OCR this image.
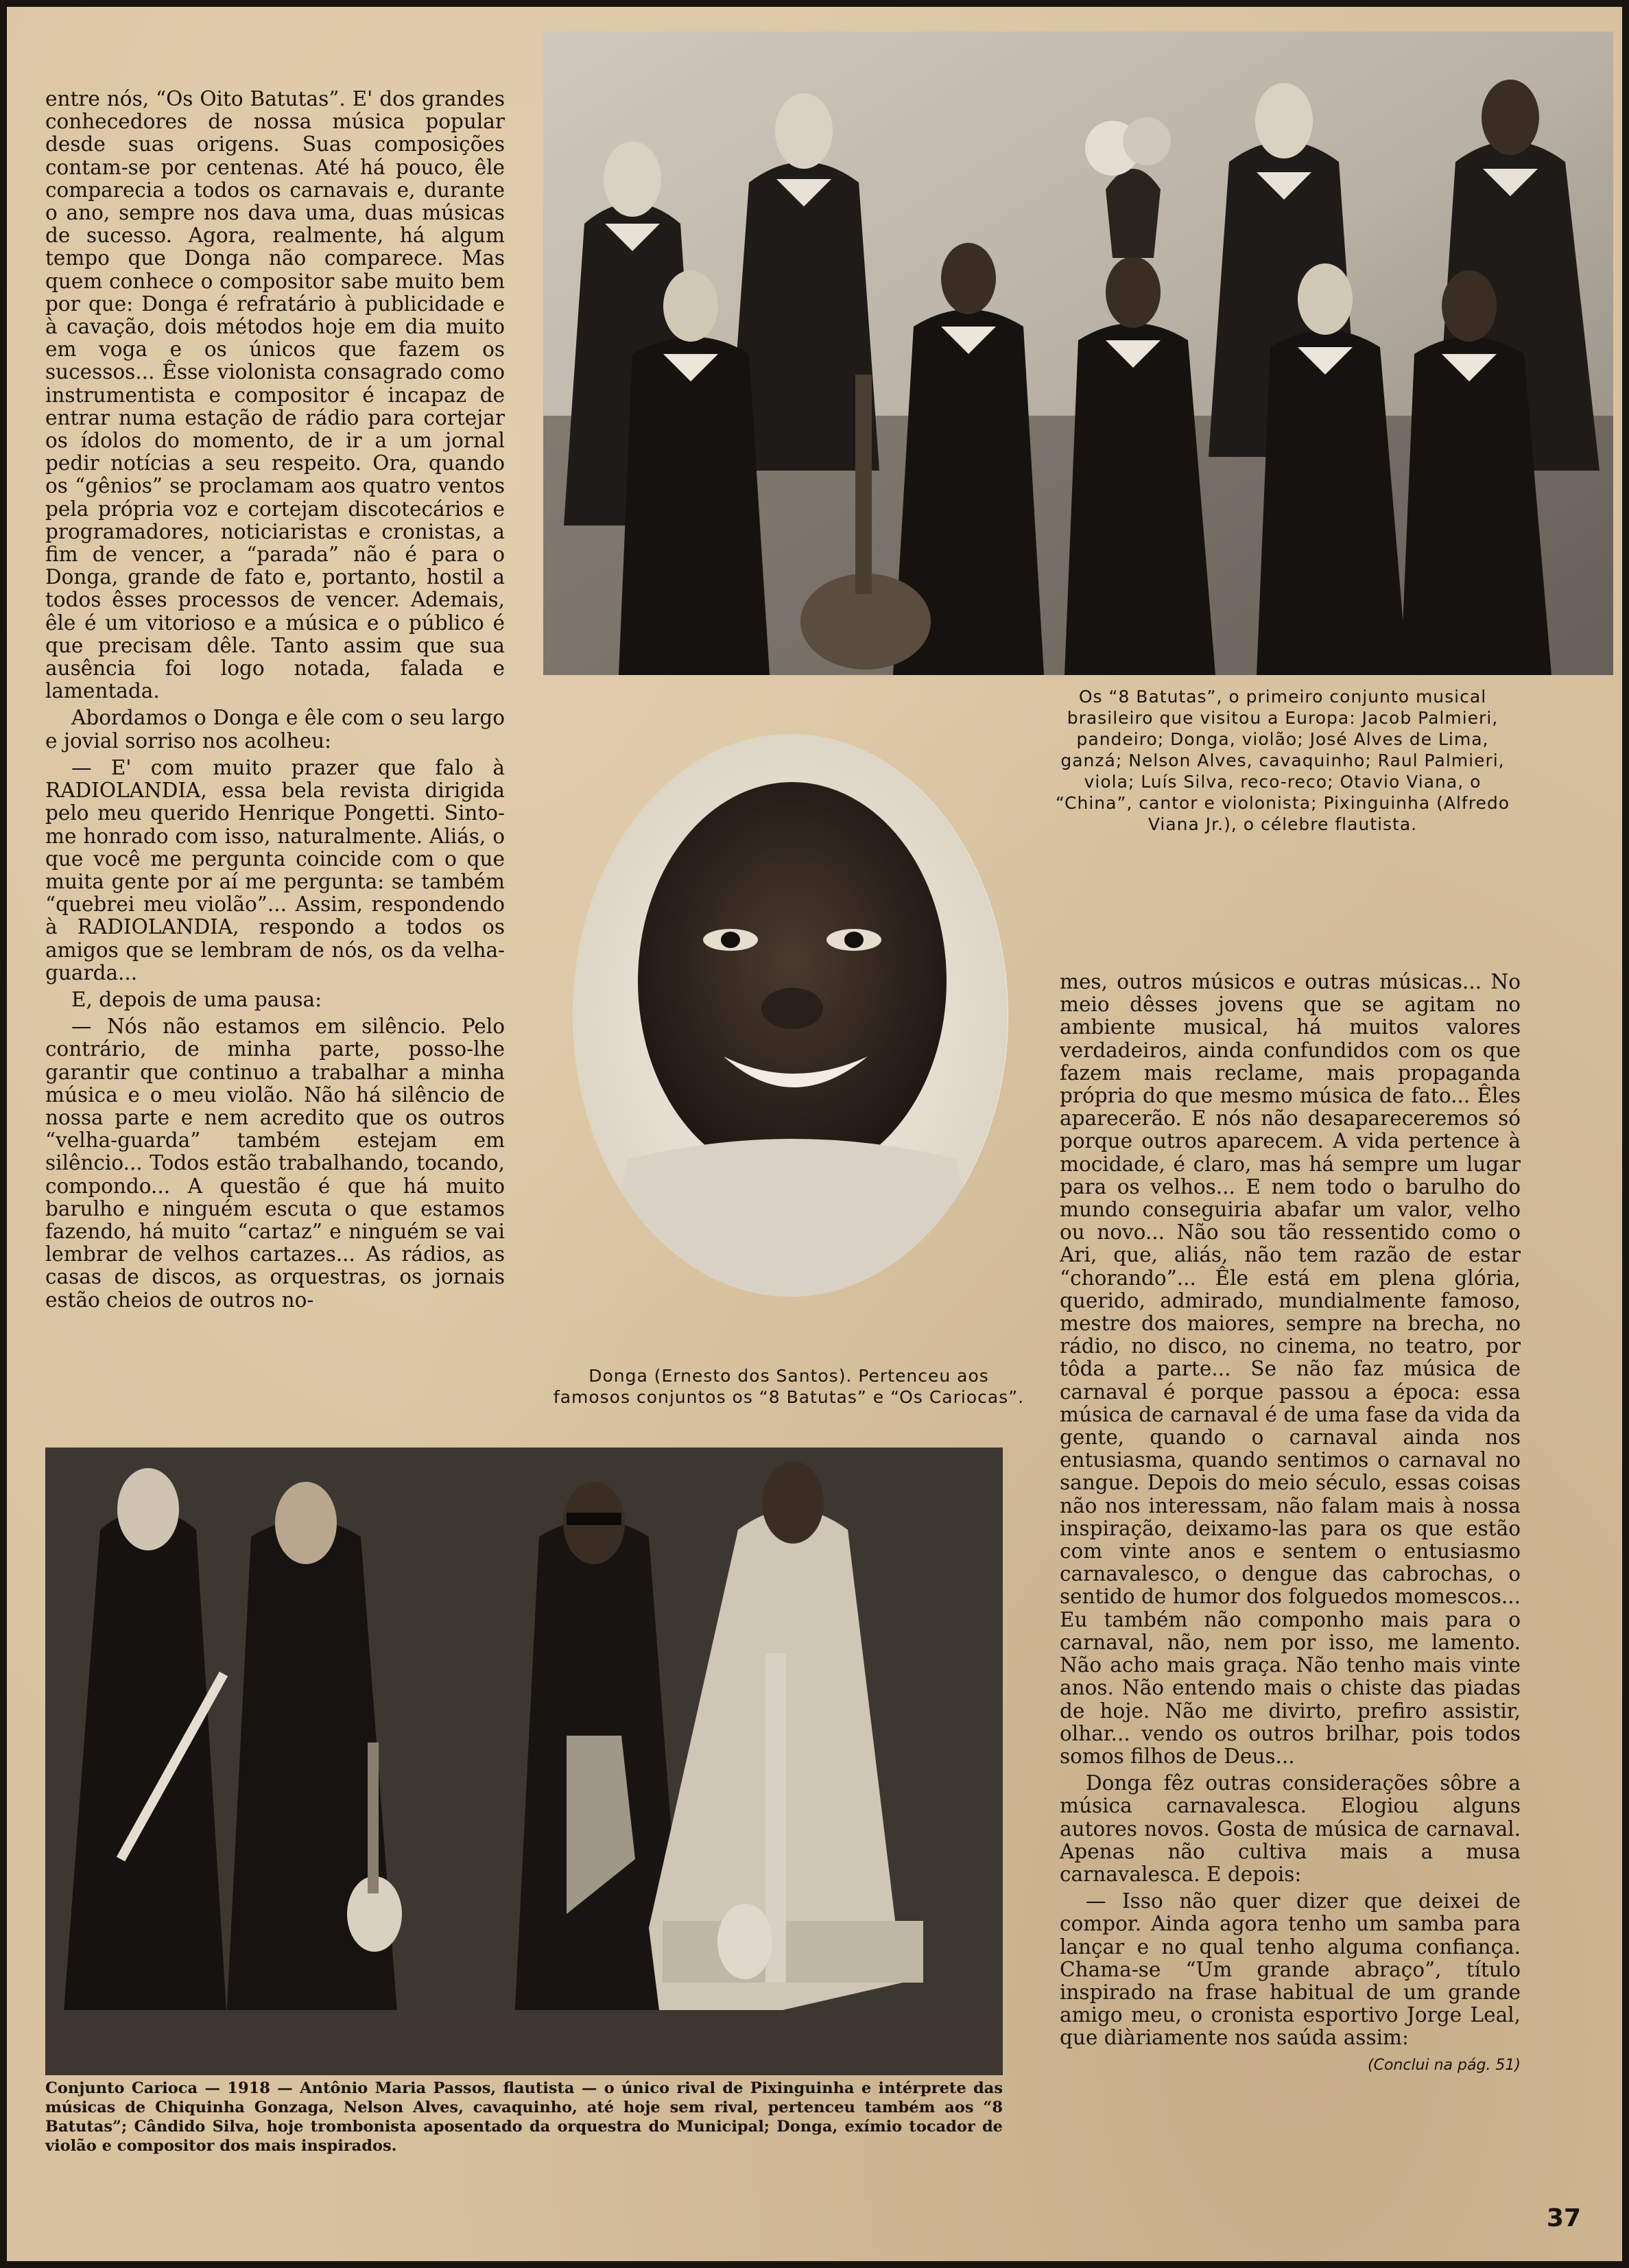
entre nós, “Os Oito Batutas”. E' dos grandes conhecedores de nossa música popular desde suas origens. Suas composições contam-se por centenas. Até há pouco, êle comparecia a todos os carnavais e, durante o ano, sempre nos dava uma, duas músicas de sucesso. Agora, realmente, há algum tempo que Donga não comparece. Mas quem conhece o compositor sabe muito bem por que: Donga é refratário à publicidade e à cavação, dois métodos hoje em dia muito em voga e os únicos que fazem os sucessos... Êsse violonista consagrado como instrumentista e compositor é incapaz de entrar numa estação de rádio para cortejar os ídolos do momento, de ir a um jornal pedir notícias a seu respeito. Ora, quando os “gênios” se proclamam aos quatro ventos pela própria voz e cortejam discotecários e programadores, noticiaristas e cronistas, a fim de vencer, a “parada” não é para o Donga, grande de fato e, portanto, hostil a todos êsses processos de vencer. Ademais, êle é um vitorioso e a música e o público é que precisam dêle. Tanto assim que sua ausência foi logo notada, falada e lamentada.

Abordamos o Donga e êle com o seu largo e jovial sorriso nos acolheu:

— E' com muito prazer que falo à RADIOLANDIA, essa bela revista dirigida pelo meu querido Henrique Pongetti. Sinto-me honrado com isso, naturalmente. Aliás, o que você me pergunta coincide com o que muita gente por aí me pergunta: se também “quebrei meu violão”... Assim, respondendo à RADIOLANDIA, respondo a todos os amigos que se lembram de nós, os da velha-guarda...

E, depois de uma pausa:

— Nós não estamos em silêncio. Pelo contrário, de minha parte, posso-lhe garantir que continuo a trabalhar a minha música e o meu violão. Não há silêncio de nossa parte e nem acredito que os outros “velha-guarda” também estejam em silêncio... Todos estão trabalhando, tocando, compondo... A questão é que há muito barulho e ninguém escuta o que estamos fazendo, há muito “cartaz” e ninguém se vai lembrar de velhos cartazes... As rádios, as casas de discos, as orquestras, os jornais estão cheios de outros no-

Os “8 Batutas”, o primeiro conjunto musical brasileiro que visitou a Europa: Jacob Palmieri, pandeiro; Donga, violão; José Alves de Lima, ganzá; Nelson Alves, cavaquinho; Raul Palmieri, viola; Luís Silva, reco-reco; Otavio Viana, o “China”, cantor e violonista; Pixinguinha (Alfredo Viana Jr.), o célebre flautista.
Donga (Ernesto dos Santos). Pertenceu aos famosos conjuntos os “8 Batutas” e “Os Cariocas”.
Conjunto Carioca — 1918 — Antônio Maria Passos, flautista — o único rival de Pixinguinha e intérprete das músicas de Chiquinha Gonzaga, Nelson Alves, cavaquinho, até hoje sem rival, pertenceu também aos “8 Batutas”; Cândido Silva, hoje trombonista aposentado da orquestra do Municipal; Donga, exímio tocador de violão e compositor dos mais inspirados.

mes, outros músicos e outras músicas... No meio dêsses jovens que se agitam no ambiente musical, há muitos valores verdadeiros, ainda confundidos com os que fazem mais reclame, mais propaganda própria do que mesmo música de fato... Êles aparecerão. E nós não desapareceremos só porque outros aparecem. A vida pertence à mocidade, é claro, mas há sempre um lugar para os velhos... E nem todo o barulho do mundo conseguiria abafar um valor, velho ou novo... Não sou tão ressentido como o Ari, que, aliás, não tem razão de estar “chorando”... Êle está em plena glória, querido, admirado, mundialmente famoso, mestre dos maiores, sempre na brecha, no rádio, no disco, no cinema, no teatro, por tôda a parte... Se não faz música de carnaval é porque passou a época: essa música de carnaval é de uma fase da vida da gente, quando o carnaval ainda nos entusiasma, quando sentimos o carnaval no sangue. Depois do meio século, essas coisas não nos interessam, não falam mais à nossa inspiração, deixamo-las para os que estão com vinte anos e sentem o entusiasmo carnavalesco, o dengue das cabrochas, o sentido de humor dos folguedos momescos... Eu também não componho mais para o carnaval, não, nem por isso, me lamento. Não acho mais graça. Não tenho mais vinte anos. Não entendo mais o chiste das piadas de hoje. Não me divirto, prefiro assistir, olhar... vendo os outros brilhar, pois todos somos filhos de Deus...

Donga fêz outras considerações sôbre a música carnavalesca. Elogiou alguns autores novos. Gosta de música de carnaval. Apenas não cultiva mais a musa carnavalesca. E depois:

— Isso não quer dizer que deixei de compor. Ainda agora tenho um samba para lançar e no qual tenho alguma confiança. Chama-se “Um grande abraço”, título inspirado na frase habitual de um grande amigo meu, o cronista esportivo Jorge Leal, que diàriamente nos saúda assim:

(Conclui na pág. 51)
37
